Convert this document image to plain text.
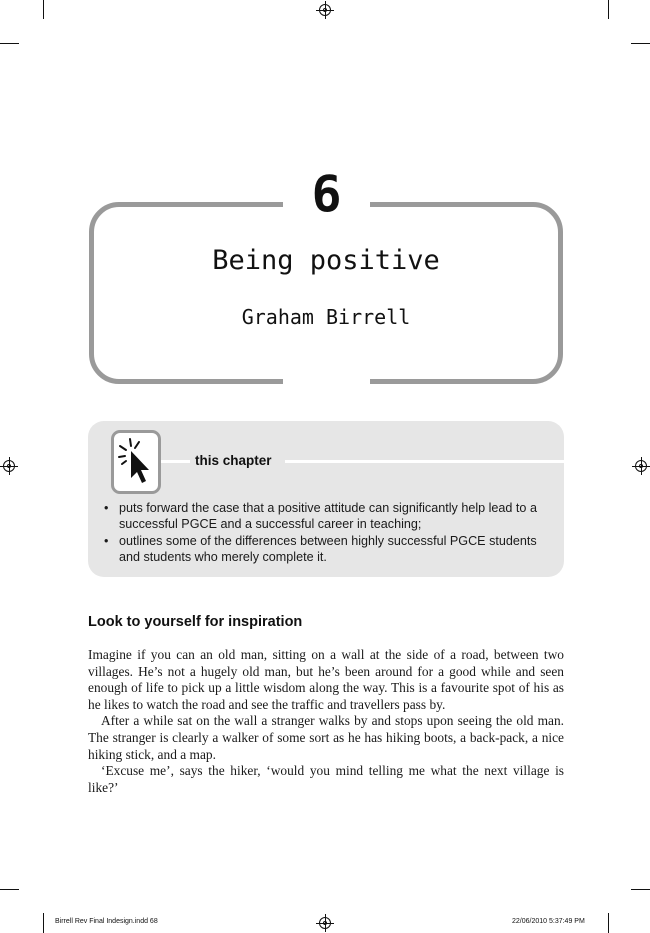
6
Being positive
Graham Birrell
this chapter
• puts forward the case that a positive attitude can significantly help lead to a successful PGCE and a successful career in teaching;
• outlines some of the differences between highly successful PGCE students and students who merely complete it.
Look to yourself for inspiration

Imagine if you can an old man, sitting on a wall at the side of a road, between two villages. He’s not a hugely old man, but he’s been around for a good while and seen enough of life to pick up a little wisdom along the way. This is a favourite spot of his as he likes to watch the road and see the traffic and travellers pass by.

After a while sat on the wall a stranger walks by and stops upon seeing the old man. The stranger is clearly a walker of some sort as he has hiking boots, a back-pack, a nice hiking stick, and a map.

‘Excuse me’, says the hiker, ‘would you mind telling me what the next village is like?’

Birrell Rev Final Indesign.indd 68	22/06/2010 5:37:49 PM
